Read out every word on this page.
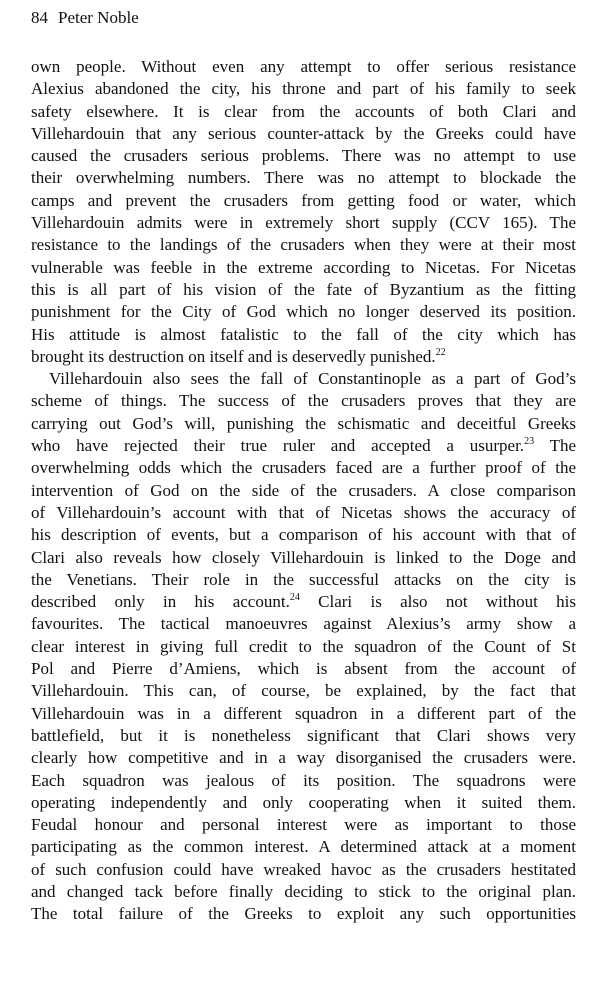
84 Peter Noble
own people. Without even any attempt to offer serious resistance
Alexius abandoned the city, his throne and part of his family to seek
safety elsewhere. It is clear from the accounts of both Clari and
Villehardouin that any serious counter-attack by the Greeks could have
caused the crusaders serious problems. There was no attempt to use
their overwhelming numbers. There was no attempt to blockade the
camps and prevent the crusaders from getting food or water, which
Villehardouin admits were in extremely short supply (CCV 165). The
resistance to the landings of the crusaders when they were at their most
vulnerable was feeble in the extreme according to Nicetas. For Nicetas
this is all part of his vision of the fate of Byzantium as the fitting
punishment for the City of God which no longer deserved its position.
His attitude is almost fatalistic to the fall of the city which has
brought its destruction on itself and is deservedly punished.$^{22}$
Villehardouin also sees the fall of Constantinople as a part of God’s
scheme of things. The success of the crusaders proves that they are
carrying out God’s will, punishing the schismatic and deceitful Greeks
who have rejected their true ruler and accepted a usurper.$^{23}$ The
overwhelming odds which the crusaders faced are a further proof of the
intervention of God on the side of the crusaders. A close comparison
of Villehardouin’s account with that of Nicetas shows the accuracy of
his description of events, but a comparison of his account with that of
Clari also reveals how closely Villehardouin is linked to the Doge and
the Venetians. Their role in the successful attacks on the city is
described only in his account.$^{24}$ Clari is also not without his
favourites. The tactical manoeuvres against Alexius’s army show a
clear interest in giving full credit to the squadron of the Count of St
Pol and Pierre d’Amiens, which is absent from the account of
Villehardouin. This can, of course, be explained, by the fact that
Villehardouin was in a different squadron in a different part of the
battlefield, but it is nonetheless significant that Clari shows very
clearly how competitive and in a way disorganised the crusaders were.
Each squadron was jealous of its position. The squadrons were
operating independently and only cooperating when it suited them.
Feudal honour and personal interest were as important to those
participating as the common interest. A determined attack at a moment
of such confusion could have wreaked havoc as the crusaders hestitated
and changed tack before finally deciding to stick to the original plan.
The total failure of the Greeks to exploit any such opportunities
